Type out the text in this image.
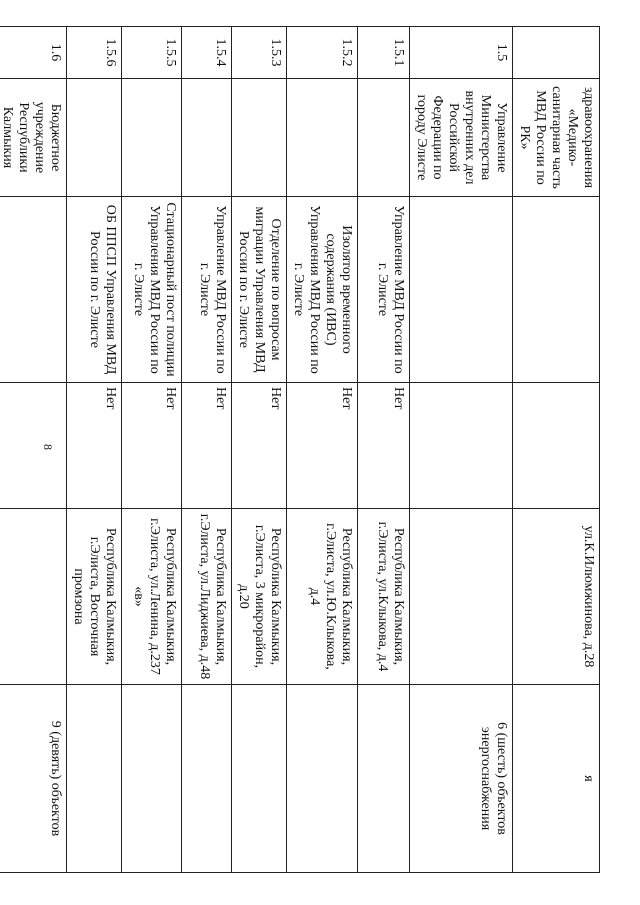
8
	здравоохранения «Медико-санитарная часть МВД России по РК»			ул.К.Илюмжинова, д.28	я
1.5	Управление Министерства внутренних дел Российской Федерации по городу Элисте				6 (шесть) объектов энергоснабжения
1.5.1		Управление МВД России по г. Элисте	Нет	Республика Калмыкия, г.Элиста, ул.Клыкова, д.4	
1.5.2		Изолятор временного содержания (ИВС) Управления МВД России по г. Элисте	Нет	Республика Калмыкия, г.Элиста, ул.Ю.Клыкова, д.4	
1.5.3		Отделение по вопросам миграции Управления МВД России по г. Элисте	Нет	Республика Калмыкия, г.Элиста, 3 микрорайон, д.20	
1.5.4		Управление МВД России по г. Элисте	Нет	Республика Калмыкия, г.Элиста, ул.Лиджиева, д.48	
1.5.5		Стационарный пост полиции Управления МВД России по г. Элисте	Нет	Республика Калмыкия, г.Элиста, ул.Ленина, д.237 «в»	
1.5.6		ОБ ППСП Управления МВД России по г. Элисте	Нет	Республика Калмыкия, г.Элиста, Восточная промзона	
1.6	Бюджетное учреждение Республики Калмыкия				9 (девять) объектов
